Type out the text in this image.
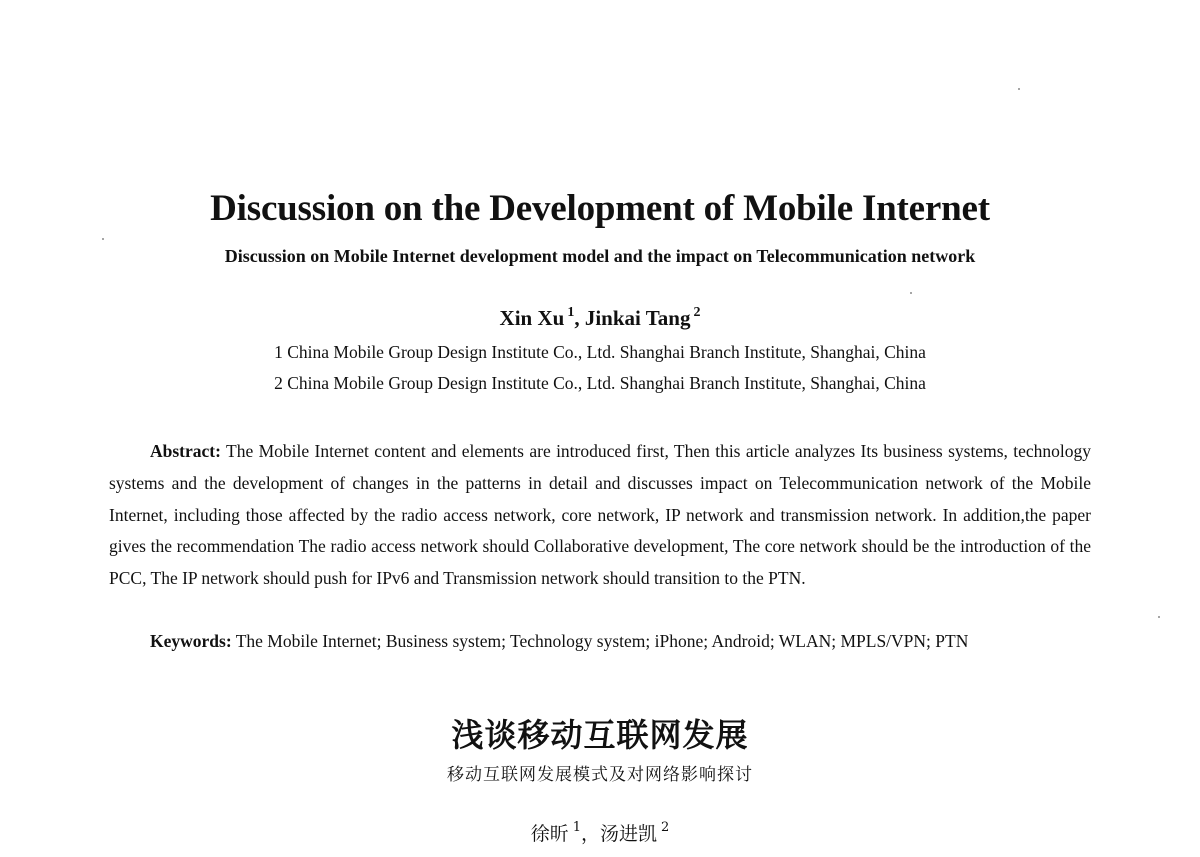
Discussion on the Development of Mobile Internet
Discussion on Mobile Internet development model and the impact on Telecommunication network
Xin Xu $^1$, Jinkai Tang $^2$
1 China Mobile Group Design Institute Co., Ltd. Shanghai Branch Institute, Shanghai, China
2 China Mobile Group Design Institute Co., Ltd. Shanghai Branch Institute, Shanghai, China
Abstract: The Mobile Internet content and elements are introduced first, Then this article analyzes Its business systems, technology systems and the development of changes in the patterns in detail and discusses impact on Telecommunication network of the Mobile Internet, including those affected by the radio access network, core network, IP network and transmission network. In addition,the paper gives the recommendation The radio access network should Collaborative development, The core network should be the introduction of the PCC, The IP network should push for IPv6 and Transmission network should transition to the PTN.
Keywords: The Mobile Internet; Business system; Technology system; iPhone; Android; WLAN; MPLS/VPN; PTN
浅谈移动互联网发展
移动互联网发展模式及对网络影响探讨
徐昕 $^1$，汤进凯 $^2$
